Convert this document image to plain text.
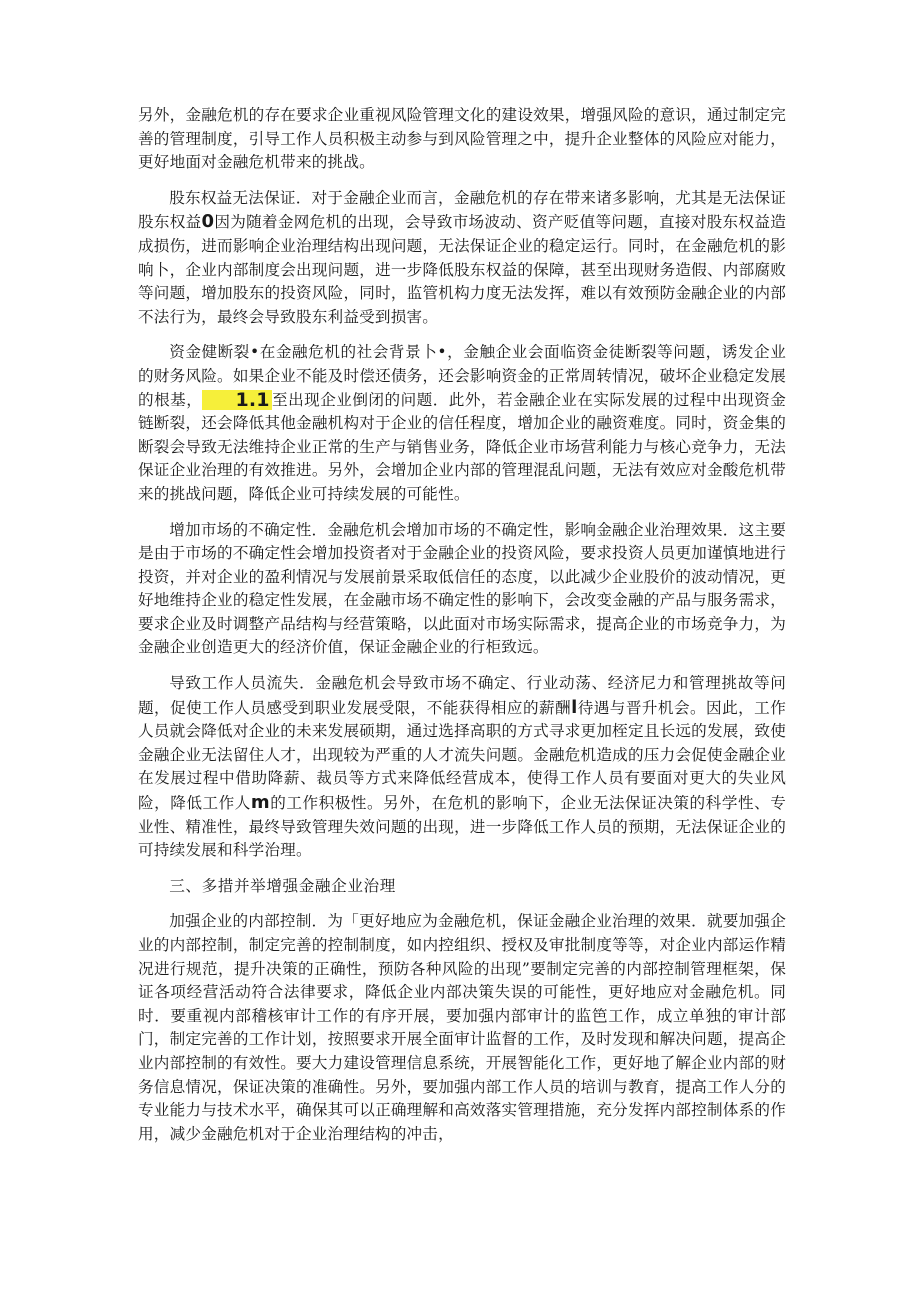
另外，金融危机的存在要求企业重视风险管理文化的建设效果，增强风险的意识，通过制定完善的管理制度，引导工作人员积极主动参与到风险管理之中，提升企业整体的风险应对能力，更好地面对金融危机带来的挑战。

股东权益无法保证．对于金融企业而言，金融危机的存在带来诸多影响，尤其是无法保证股东权益0因为随着金网危机的出现，会导致市场波动、资产贬值等问题，直接对股东权益造成损伤，进而影响企业治理结构出现问题，无法保证企业的稳定运行。同时，在金融危机的影响卜，企业内部制度会出现问题，进一步降低股东权益的保障，甚至出现财务造假、内部腐败等问题，增加股东的投资风险，同时，监管机构力度无法发挥，难以有效预防金融企业的内部不法行为，最终会导致股东利益受到损害。

资金健断裂•在金融危机的社会背景卜•，金触企业会面临资金徒断裂等问题，诱发企业的财务风险。如果企业不能及时偿还债务，还会影响资金的正常周转情况，破坏企业稳定发展的根基， 1.1 至出现企业倒闭的问题．此外，若金融企业在实际发展的过程中出现资金链断裂，还会降低其他金融机构对于企业的信任程度，增加企业的融资难度。同时，资金集的断裂会导致无法维持企业正常的生产与销售业务，降低企业市场营利能力与核心竞争力，无法保证企业治理的有效推进。另外，会增加企业内部的管理混乱问题，无法有效应对金酸危机带来的挑战问题，降低企业可持续发展的可能性。

增加市场的不确定性．金融危机会增加市场的不确定性，影响金融企业治理效果．这主要是由于市场的不确定性会增加投资者对于金融企业的投资风险，要求投资人员更加谨慎地进行投资，并对企业的盈利情况与发展前景采取低信任的态度，以此减少企业股价的波动情况，更好地维持企业的稳定性发展，在金融市场不确定性的影响下，会改变金融的产品与服务需求，要求企业及时调整产品结构与经营策略，以此面对市场实际需求，提高企业的市场竞争力，为金融企业创造更大的经济价值，保证金融企业的行柜致远。

导致工作人员流失．金融危机会导致市场不确定、行业动荡、经济尼力和管理挑故等问题，促使工作人员感受到职业发展受限，不能获得相应的薪酬l待遇与晋升机会。因此，工作人员就会降低对企业的未来发展硕期，通过选择高职的方式寻求更加桎定且长远的发展，致使金融企业无法留住人才，出现较为严重的人才流失问题。金融危机造成的压力会促使金融企业在发展过程中借助降薪、裁员等方式来降低经营成本，使得工作人员有要面对更大的失业风险，降低工作人m的工作积极性。另外，在危机的影响下，企业无法保证决策的科学性、专业性、精准性，最终导致管理失效问题的出现，进一步降低工作人员的预期，无法保证企业的可持续发展和科学治理。

三、多措并举增强金融企业治理

加强企业的内部控制．为「更好地应为金融危机，保证金融企业治理的效果．就要加强企业的内部控制，制定完善的控制制度，如内控组织、授权及审批制度等等，对企业内部运作精况进行规范，提升决策的正确性，预防各种风险的出现”要制定完善的内部控制管理框架，保证各项经营活动符合法律要求，降低企业内部决策失误的可能性，更好地应对金融危机。同时．要重视内部稽核审计工作的有序开展，要加强内部审计的监笆工作，成立单独的审计部门，制定完善的工作计划，按照要求开展全面审计监督的工作，及时发现和解决问题，提高企业内部控制的有效性。要大力建设管理信息系统，开展智能化工作，更好地了解企业内部的财务信息情况，保证决策的准确性。另外，要加强内部工作人员的培训与教育，提高工作人分的专业能力与技术水平，确保其可以正确理解和高效落实管理措施，充分发挥内部控制体系的作用，减少金融危机对于企业治理结构的冲击，
